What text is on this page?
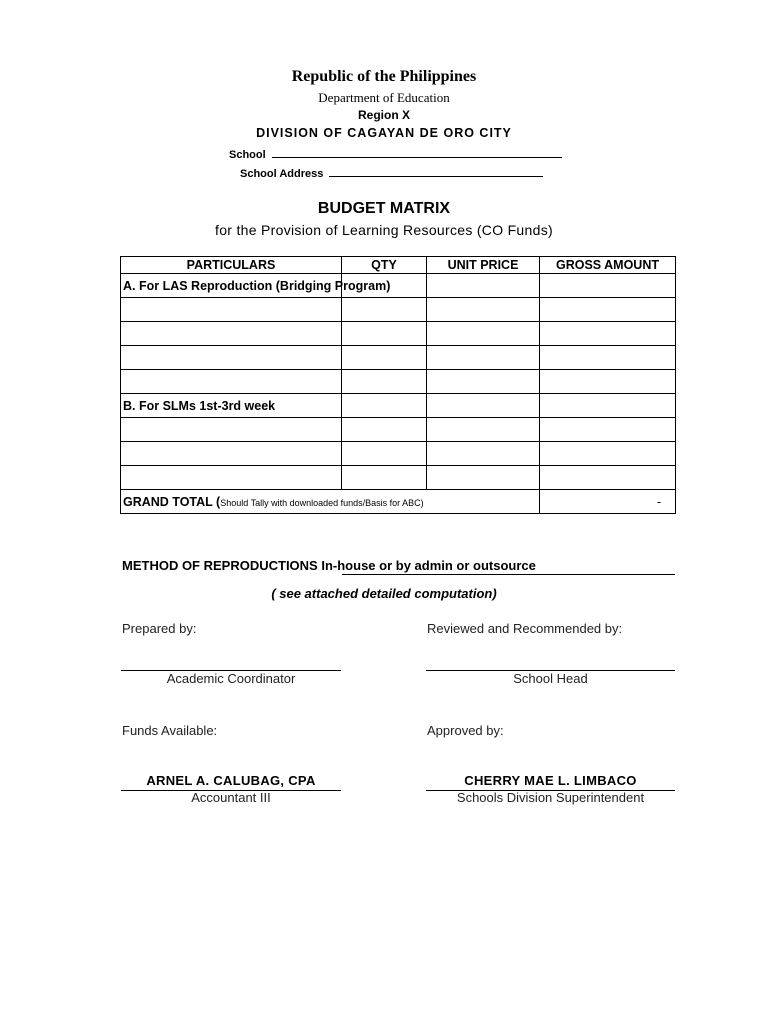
Republic of the Philippines
Department of Education
Region X
DIVISION OF CAGAYAN DE ORO CITY
School
School Address
BUDGET MATRIX
for the Provision of Learning Resources (CO Funds)
PARTICULARS	QTY	UNIT PRICE	GROSS AMOUNT
A. For LAS Reproduction (Bridging Program)			

B. For SLMs 1st-3rd week			

GRAND TOTAL (Should Tally with downloaded funds/Basis for ABC)			-
METHOD OF REPRODUCTIONS In-house or by admin or outsource
( see attached detailed computation)
Prepared by:	Reviewed and Recommended by:
Academic Coordinator	School Head
Funds Available:	Approved by:
ARNEL A. CALUBAG, CPA	CHERRY MAE L. LIMBACO
Accountant III	Schools Division Superintendent
